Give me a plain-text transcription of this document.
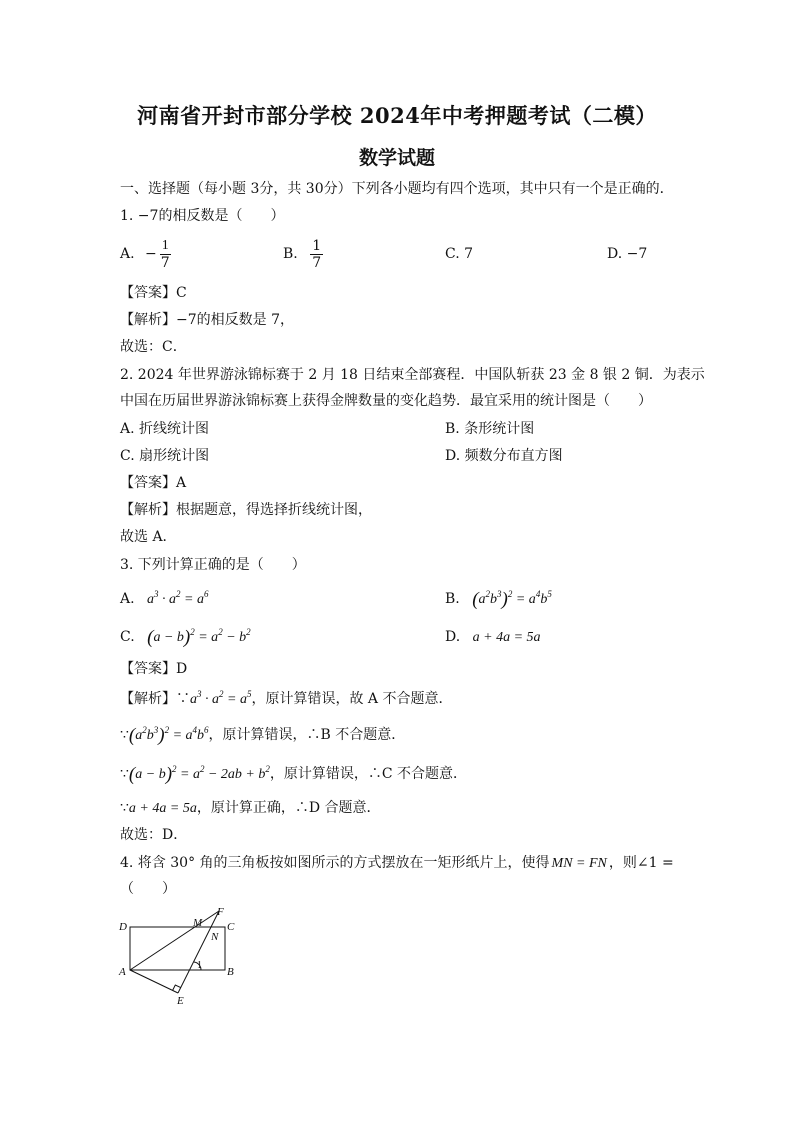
河南省开封市部分学校 2024年中考押题考试（二模）
数学试题
一、选择题（每小题 3分，共 30分）下列各小题均有四个选项，其中只有一个是正确的．
1. −7的相反数是（　　）
A. − $\frac{1}{7}$	B. $\frac{1}{7}$	C. 7	D. −7
【答案】C
【解析】−7的相反数是 7，
故选：C．
2. 2024 年世界游泳锦标赛于 2 月 18 日结束全部赛程．中国队斩获 23 金 8 银 2 铜．为表示
中国在历届世界游泳锦标赛上获得金牌数量的变化趋势．最宜采用的统计图是（　　）
A. 折线统计图	B. 条形统计图
C. 扇形统计图	D. 频数分布直方图
【答案】A
【解析】根据题意，得选择折线统计图，
故选 A．
3. 下列计算正确的是（　　）
A. $a^3 \cdot a^2 = a^6$	B. $(a^2b^3)^2 = a^4b^5$
C. $(a - b)^2 = a^2 - b^2$	D. a + 4a = 5a
【答案】D
【解析】$\because a^3 \cdot a^2 = a^5$，原计算错误，故 A 不合题意．
$\because(a^2b^3)^2 = a^4b^6$，原计算错误，∴B 不合题意．
∵(a − $b)^2 = a^2 - 2ab + b^2$，原计算错误，∴C 不合题意．
∵a + 4a = 5a，原计算正确，∴D 合题意．
故选：D．
4. 将含 30° 角的三角板按如图所示的方式摆放在一矩形纸片上，使得 MN = FN ，则∠1 =
（　　）
D	M
F
C
N
A
1
B
E
